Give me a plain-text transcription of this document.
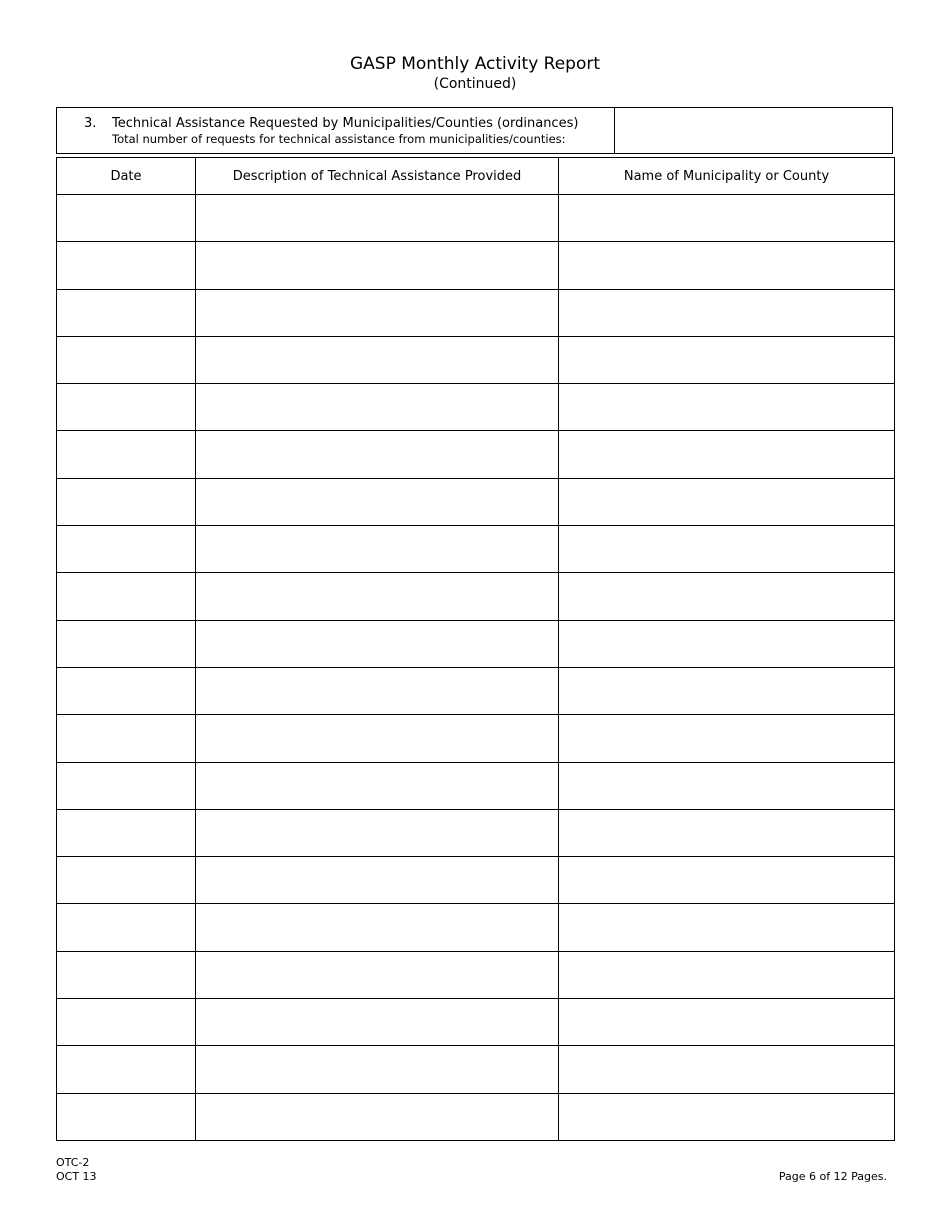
GASP Monthly Activity Report
(Continued)
3. Technical Assistance Requested by Municipalities/Counties (ordinances)
Total number of requests for technical assistance from municipalities/counties:
Date	Description of Technical Assistance Provided	Name of Municipality or County

OTC-2
OCT 13	Page 6 of 12 Pages.
